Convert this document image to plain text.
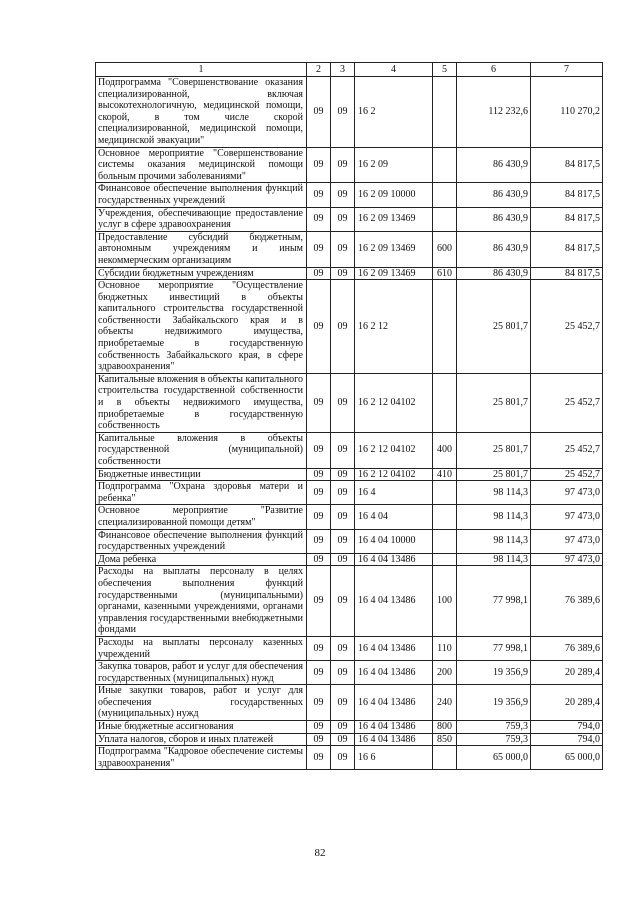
1	2	3	4	5	6	7
Подпрограмма "Совершенствование оказания специализированной, включая высокотехнологичную, медицинской помощи, скорой, в том числе скорой специализированной, медицинской помощи, медицинской эвакуации"	09	09	16 2		112 232,6	110 270,2
Основное мероприятие "Совершенствование системы оказания медицинской помощи больным прочими заболеваниями"	09	09	16 2 09		86 430,9	84 817,5
Финансовое обеспечение выполнения функций государственных учреждений	09	09	16 2 09 10000		86 430,9	84 817,5
Учреждения, обеспечивающие предоставление услуг в сфере здравоохранения	09	09	16 2 09 13469		86 430,9	84 817,5
Предоставление субсидий бюджетным, автономным учреждениям и иным некоммерческим организациям	09	09	16 2 09 13469	600	86 430,9	84 817,5
Субсидии бюджетным учреждениям	09	09	16 2 09 13469	610	86 430,9	84 817,5
Основное мероприятие "Осуществление бюджетных инвестиций в объекты капитального строительства государственной собственности Забайкальского края и в объекты недвижимого имущества, приобретаемые в государственную собственность Забайкальского края, в сфере здравоохранения"	09	09	16 2 12		25 801,7	25 452,7
Капитальные вложения в объекты капитального строительства государственной собственности и в объекты недвижимого имущества, приобретаемые в государственную собственность	09	09	16 2 12 04102		25 801,7	25 452,7
Капитальные вложения в объекты государственной (муниципальной) собственности	09	09	16 2 12 04102	400	25 801,7	25 452,7
Бюджетные инвестиции	09	09	16 2 12 04102	410	25 801,7	25 452,7
Подпрограмма "Охрана здоровья матери и ребенка"	09	09	16 4		98 114,3	97 473,0
Основное мероприятие "Развитие специализированной помощи детям"	09	09	16 4 04		98 114,3	97 473,0
Финансовое обеспечение выполнения функций государственных учреждений	09	09	16 4 04 10000		98 114,3	97 473,0
Дома ребенка	09	09	16 4 04 13486		98 114,3	97 473,0
Расходы на выплаты персоналу в целях обеспечения выполнения функций государственными (муниципальными) органами, казенными учреждениями, органами управления государственными внебюджетными фондами	09	09	16 4 04 13486	100	77 998,1	76 389,6
Расходы на выплаты персоналу казенных учреждений	09	09	16 4 04 13486	110	77 998,1	76 389,6
Закупка товаров, работ и услуг для обеспечения государственных (муниципальных) нужд	09	09	16 4 04 13486	200	19 356,9	20 289,4
Иные закупки товаров, работ и услуг для обеспечения государственных (муниципальных) нужд	09	09	16 4 04 13486	240	19 356,9	20 289,4
Иные бюджетные ассигнования	09	09	16 4 04 13486	800	759,3	794,0
Уплата налогов, сборов и иных платежей	09	09	16 4 04 13486	850	759,3	794,0
Подпрограмма "Кадровое обеспечение системы здравоохранения"	09	09	16 6		65 000,0	65 000,0
82
